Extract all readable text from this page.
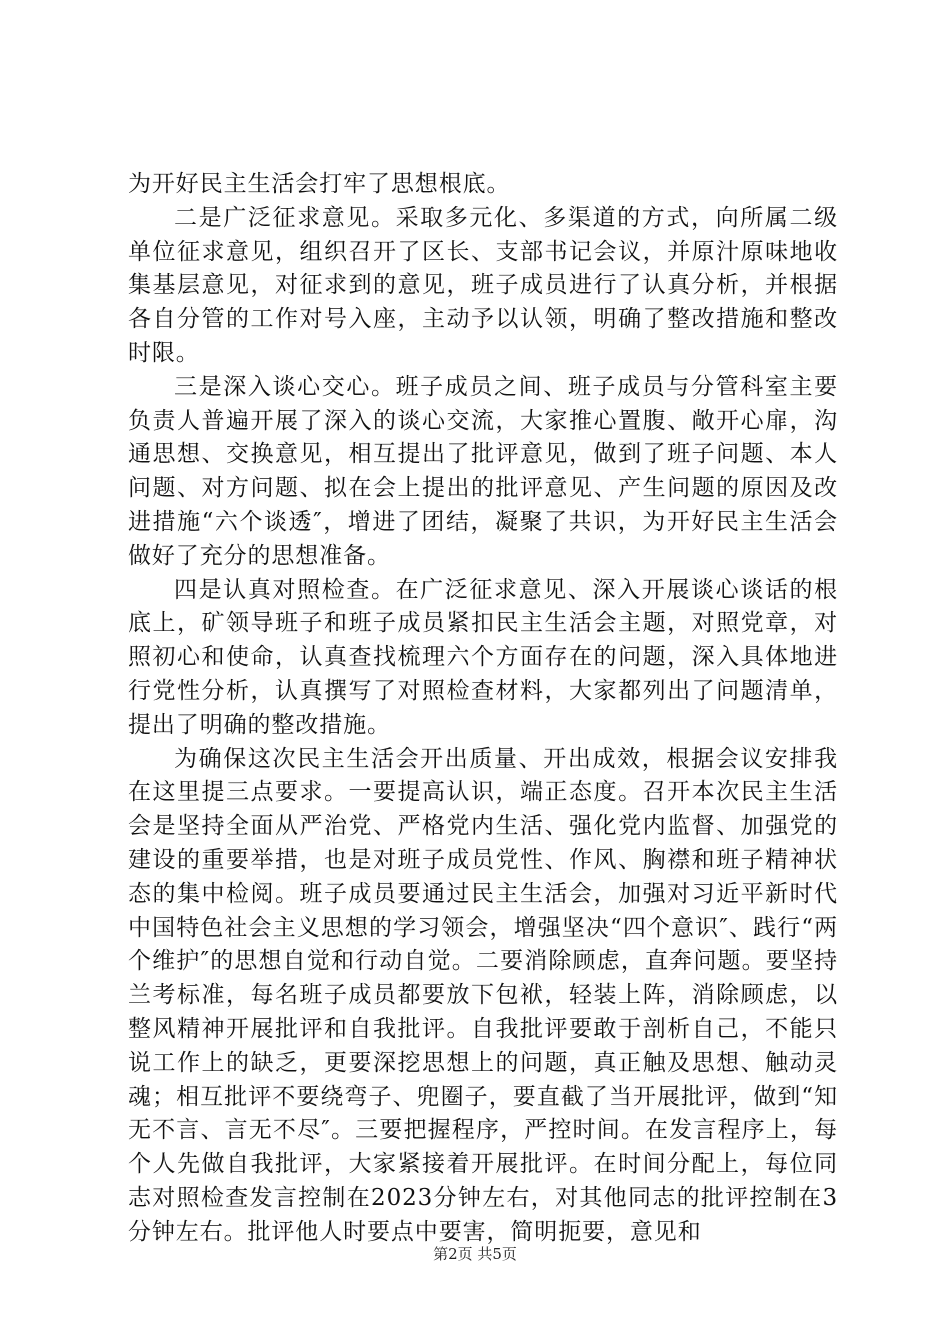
为开好民主生活会打牢了思想根底。

二是广泛征求意见。采取多元化、多渠道的方式，向所属二级单位征求意见，组织召开了区长、支部书记会议，并原汁原味地收集基层意见，对征求到的意见，班子成员进行了认真分析，并根据各自分管的工作对号入座，主动予以认领，明确了整改措施和整改时限。

三是深入谈心交心。班子成员之间、班子成员与分管科室主要负责人普遍开展了深入的谈心交流，大家推心置腹、敞开心扉，沟通思想、交换意见，相互提出了批评意见，做到了班子问题、本人问题、对方问题、拟在会上提出的批评意见、产生问题的原因及改进措施“六个谈透″，增进了团结，凝聚了共识，为开好民主生活会做好了充分的思想准备。

四是认真对照检查。在广泛征求意见、深入开展谈心谈话的根底上，矿领导班子和班子成员紧扣民主生活会主题，对照党章，对照初心和使命，认真查找梳理六个方面存在的问题，深入具体地进行党性分析，认真撰写了对照检查材料，大家都列出了问题清单，提出了明确的整改措施。

为确保这次民主生活会开出质量、开出成效，根据会议安排我在这里提三点要求。一要提高认识，端正态度。召开本次民主生活会是坚持全面从严治党、严格党内生活、强化党内监督、加强党的建设的重要举措，也是对班子成员党性、作风、胸襟和班子精神状态的集中检阅。班子成员要通过民主生活会，加强对习近平新时代中国特色社会主义思想的学习领会，增强坚决“四个意识″、践行“两个维护″的思想自觉和行动自觉。二要消除顾虑，直奔问题。要坚持兰考标准，每名班子成员都要放下包袱，轻装上阵，消除顾虑，以整风精神开展批评和自我批评。自我批评要敢于剖析自己，不能只说工作上的缺乏，更要深挖思想上的问题，真正触及思想、触动灵魂；相互批评不要绕弯子、兜圈子，要直截了当开展批评，做到“知无不言、言无不尽″。三要把握程序，严控时间。在发言程序上，每个人先做自我批评，大家紧接着开展批评。在时间分配上，每位同志对照检查发言控制在2023分钟左右，对其他同志的批评控制在3分钟左右。批评他人时要点中要害，简明扼要，意见和

第2页 共5页
